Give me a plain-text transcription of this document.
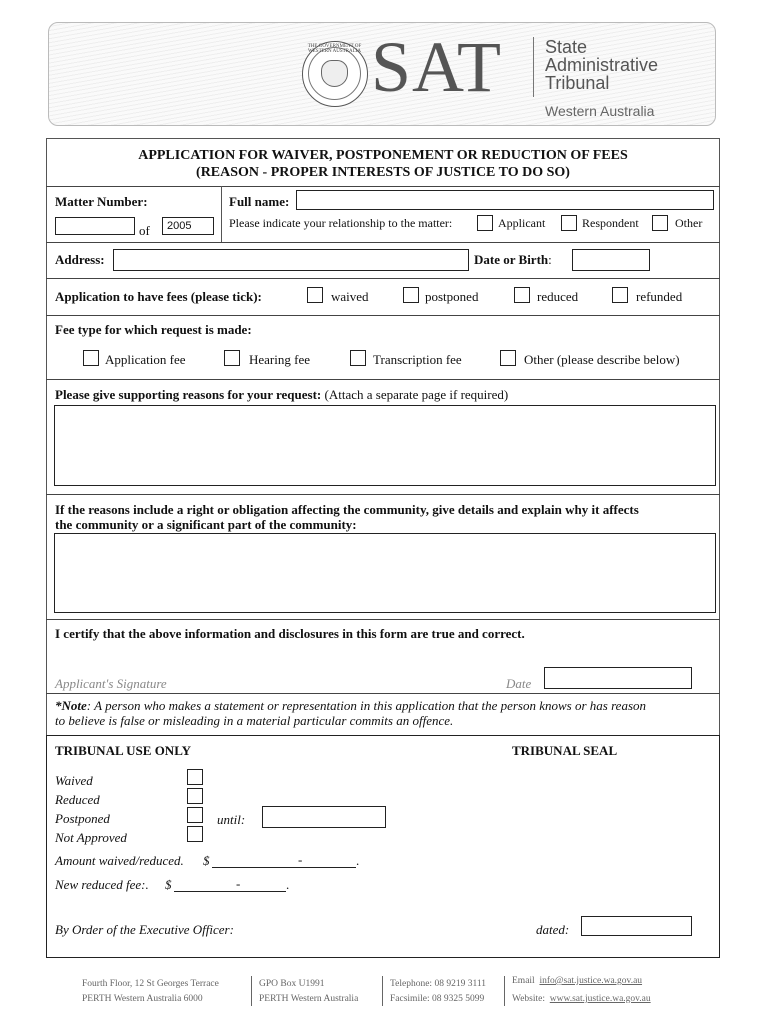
THE GOVERNMENT OF WESTERN AUSTRALIA SAT State
Administrative
Tribunal
Western Australia
APPLICATION FOR WAIVER, POSTPONEMENT OR REDUCTION OF FEES
(REASON - PROPER INTERESTS OF JUSTICE TO DO SO)
Matter Number:
of	2005
Full name:
Please indicate your relationship to the matter:	Applicant	Respondent	Other
Address:	Date or Birth:
Application to have fees (please tick):	waived	postponed	reduced	refunded
Fee type for which request is made:
Application fee	Hearing fee	Transcription fee	Other (please describe below)
Please give supporting reasons for your request: (Attach a separate page if required)
If the reasons include a right or obligation affecting the community, give details and explain why it affects
the community or a significant part of the community:
I certify that the above information and disclosures in this form are true and correct.
Applicant's Signature	Date
*Note: A person who makes a statement or representation in this application that the person knows or has reason
to believe is false or misleading in a material particular commits an offence.
TRIBUNAL USE ONLY	TRIBUNAL SEAL
Waived
Reduced
Postponed	until:
Not Approved
Amount waived/reduced. $	-	.
New reduced fee:. $	-	.
By Order of the Executive Officer:	dated:
Fourth Floor, 12 St Georges Terrace
PERTH Western Australia 6000
GPO Box U1991
PERTH Western Australia
Telephone: 08 9219 3111
Facsimile: 08 9325 5099
Email info@sat.justice.wa.gov.au
Website: www.sat.justice.wa.gov.au
